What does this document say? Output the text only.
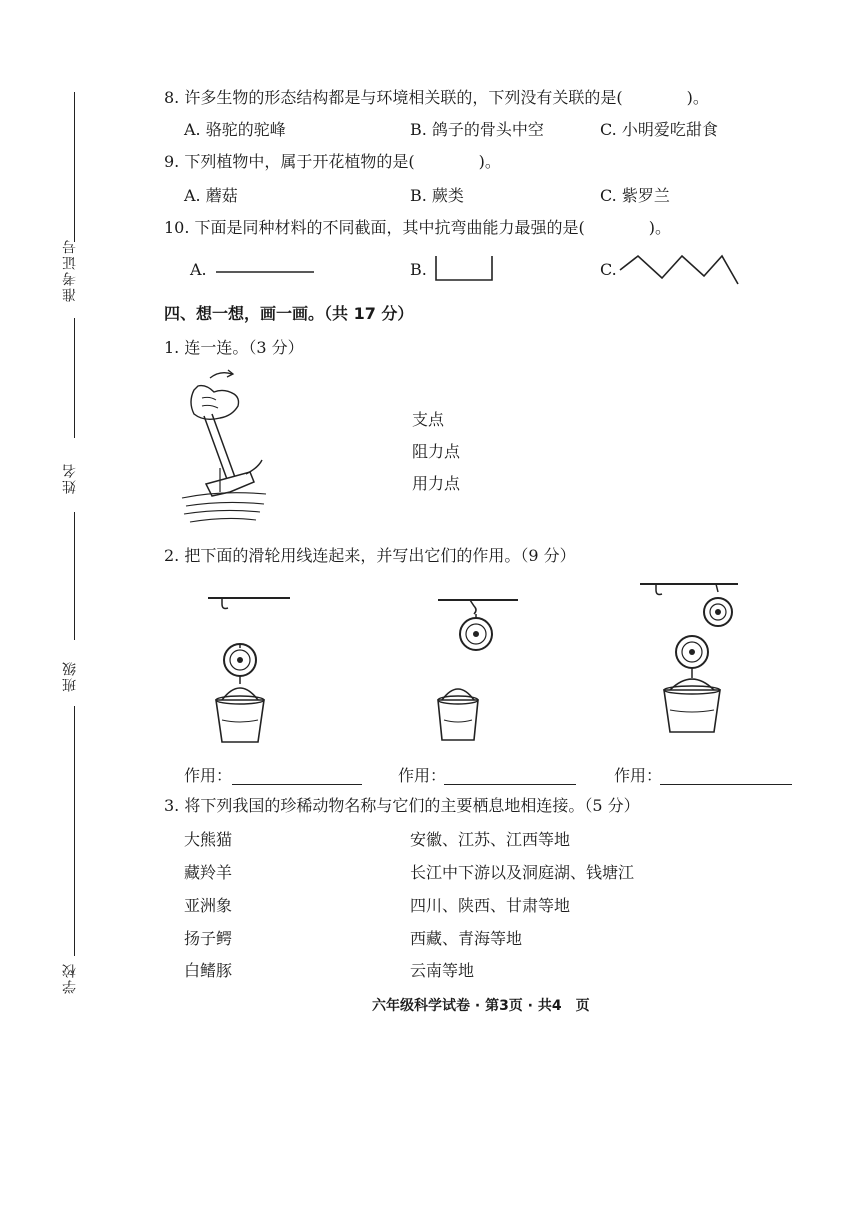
准考证号
姓名
班级
学校
8. 许多生物的形态结构都是与环境相关联的，下列没有关联的是(　　　　)。
A. 骆驼的驼峰	B. 鸽子的骨头中空	C. 小明爱吃甜食
9. 下列植物中，属于开花植物的是(　　　　)。
A. 蘑菇	B. 蕨类	C. 紫罗兰
10. 下面是同种材料的不同截面，其中抗弯曲能力最强的是(　　　　)。
A.	B.	C.
四、想一想，画一画。（共 17 分）
1. 连一连。（3 分）
支点
阻力点
用力点
2. 把下面的滑轮用线连起来，并写出它们的作用。（9 分）
作用：	作用：	作用：
3. 将下列我国的珍稀动物名称与它们的主要栖息地相连接。（5 分）
大熊猫
藏羚羊
亚洲象
扬子鳄
白鳍豚
安徽、江苏、江西等地
长江中下游以及洞庭湖、钱塘江
四川、陕西、甘肃等地
西藏、青海等地
云南等地
六年级科学试卷 · 第3页 · 共4　页
